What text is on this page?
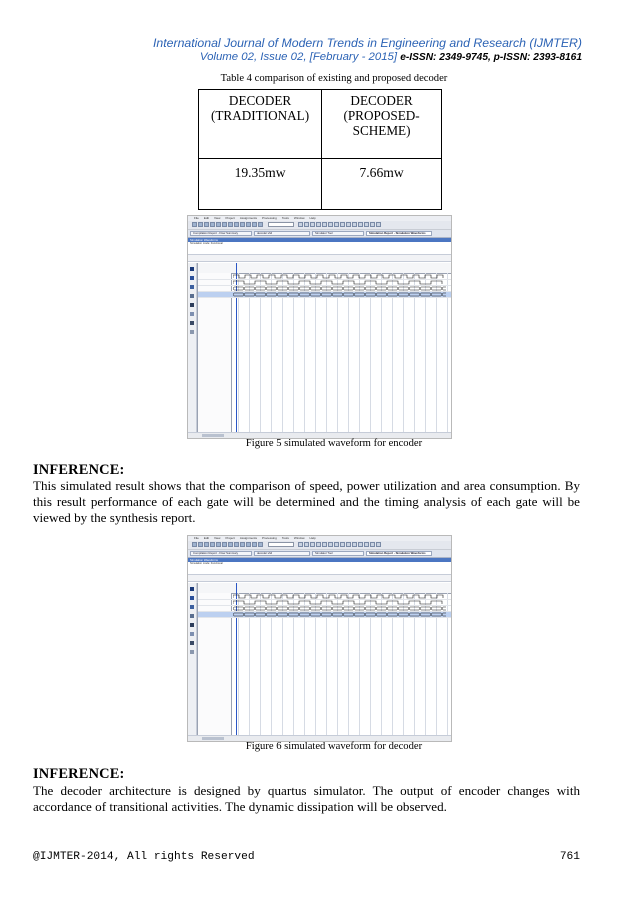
International Journal of Modern Trends in Engineering and Research (IJMTER)
Volume 02, Issue 02, [February - 2015] e-ISSN: 2349-9745, p-ISSN: 2393-8161
Table 4 comparison of existing and proposed decoder
DECODER (TRADITIONAL)	DECODER (PROPOSED- SCHEME)
19.35mw	7.66mw
File Edit View Project Assignments Processing Tools Window Help
Compilation Report - Flow Summary	decoder.vhd	Simulator Tool	Simulation Report - Simulation Waveforms
Simulation Waveforms
Simulation mode: Functional
Figure 5 simulated waveform for encoder
INFERENCE:
This simulated result shows that the comparison of speed, power utilization and area consumption. By this result performance of each gate will be determined and the timing analysis of each gate will be viewed by the synthesis report.
File Edit View Project Assignments Processing Tools Window Help
Compilation Report - Flow Summary	decoder.vhd	Simulator Tool	Simulation Report - Simulation Waveforms
Simulation Waveforms
Simulation mode: Functional
Figure 6 simulated waveform for decoder
INFERENCE:
The decoder architecture is designed by quartus simulator. The output of encoder changes with accordance of transitional activities. The dynamic dissipation will be observed.
@IJMTER-2014, All rights Reserved	761
